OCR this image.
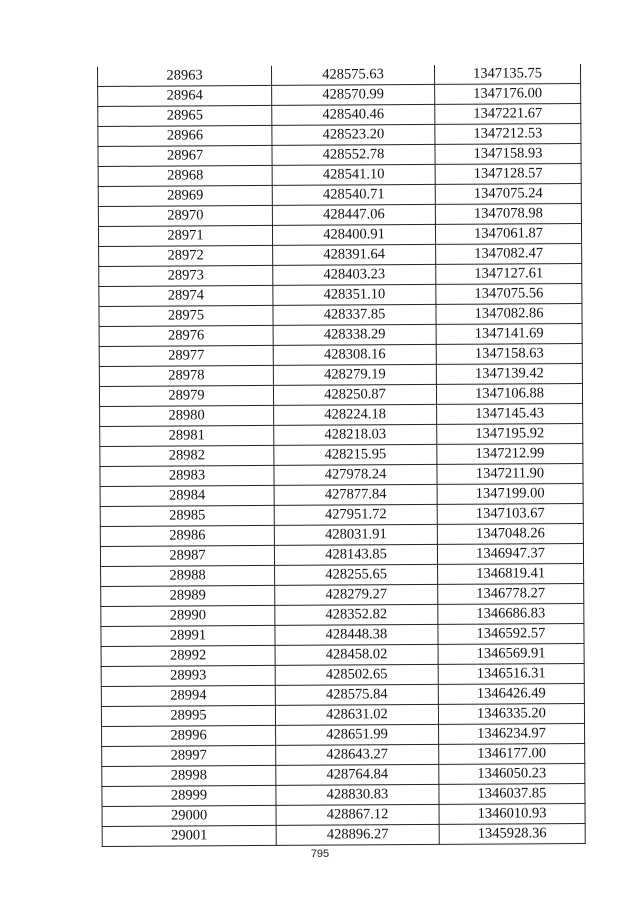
28963	428575.63	1347135.75
28964	428570.99	1347176.00
28965	428540.46	1347221.67
28966	428523.20	1347212.53
28967	428552.78	1347158.93
28968	428541.10	1347128.57
28969	428540.71	1347075.24
28970	428447.06	1347078.98
28971	428400.91	1347061.87
28972	428391.64	1347082.47
28973	428403.23	1347127.61
28974	428351.10	1347075.56
28975	428337.85	1347082.86
28976	428338.29	1347141.69
28977	428308.16	1347158.63
28978	428279.19	1347139.42
28979	428250.87	1347106.88
28980	428224.18	1347145.43
28981	428218.03	1347195.92
28982	428215.95	1347212.99
28983	427978.24	1347211.90
28984	427877.84	1347199.00
28985	427951.72	1347103.67
28986	428031.91	1347048.26
28987	428143.85	1346947.37
28988	428255.65	1346819.41
28989	428279.27	1346778.27
28990	428352.82	1346686.83
28991	428448.38	1346592.57
28992	428458.02	1346569.91
28993	428502.65	1346516.31
28994	428575.84	1346426.49
28995	428631.02	1346335.20
28996	428651.99	1346234.97
28997	428643.27	1346177.00
28998	428764.84	1346050.23
28999	428830.83	1346037.85
29000	428867.12	1346010.93
29001	428896.27	1345928.36
795
